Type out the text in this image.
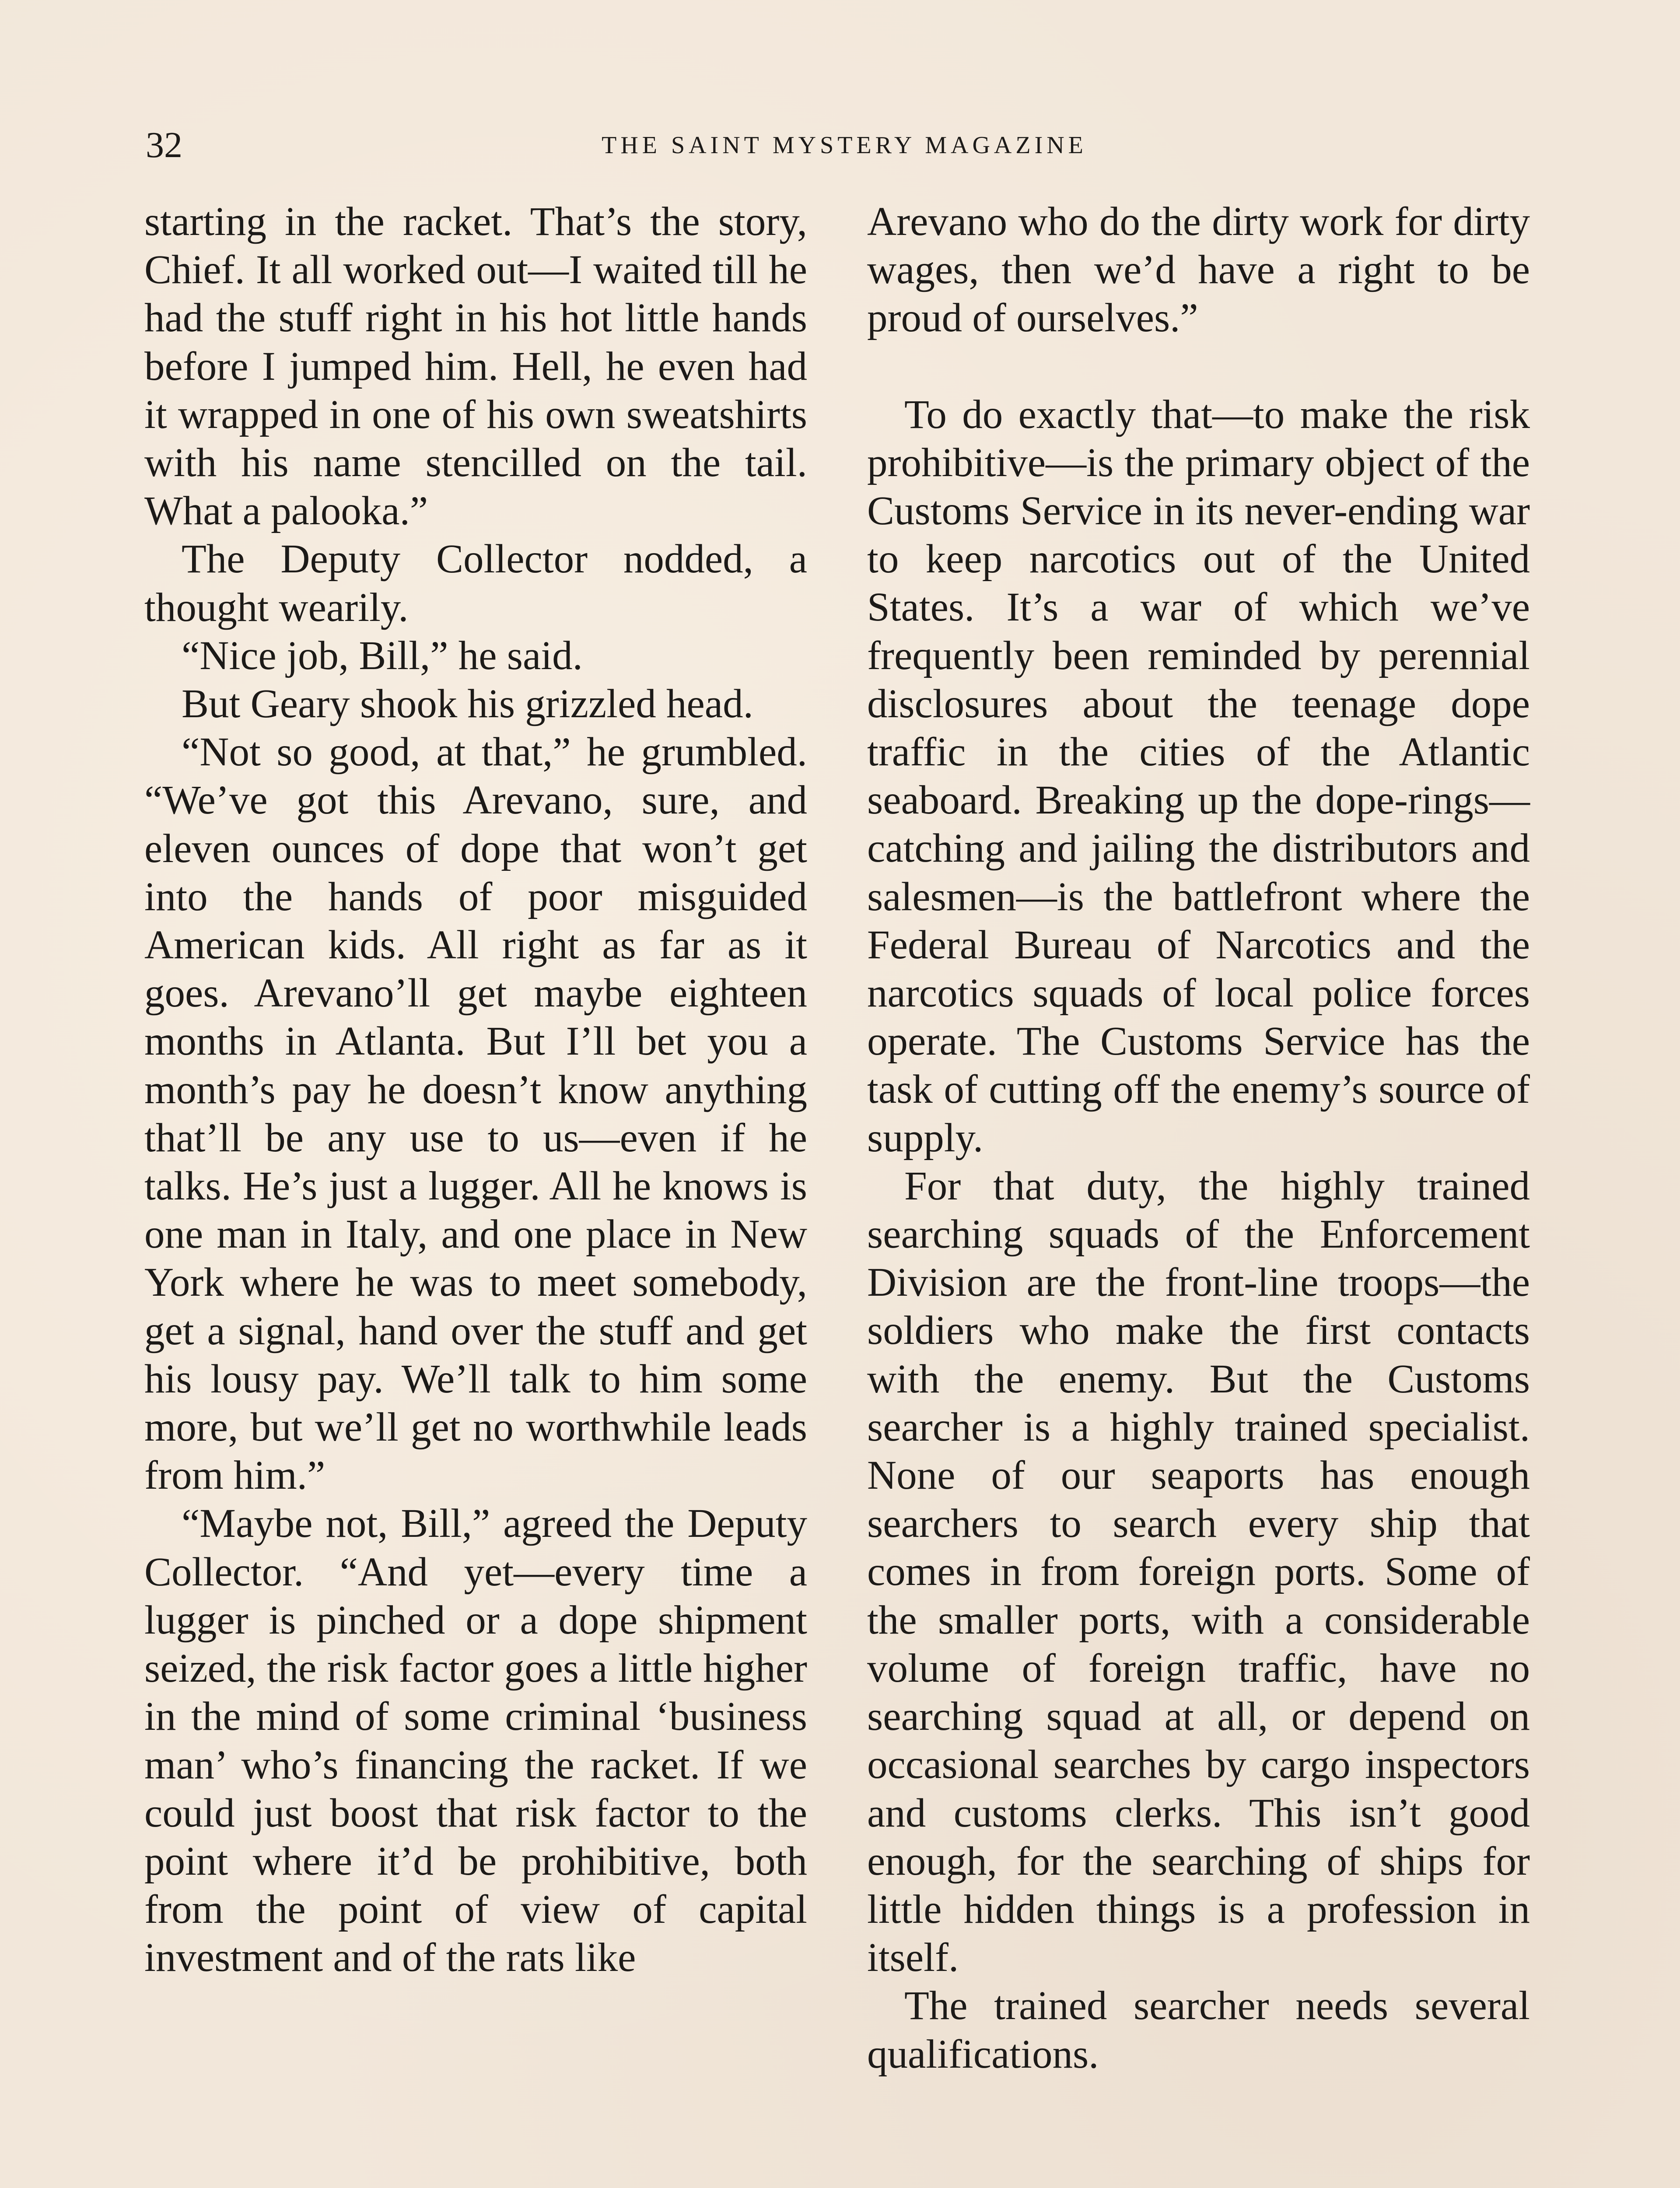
32	THE SAINT MYSTERY MAGAZINE

starting in the racket. That’s the story, Chief. It all worked out—I waited till he had the stuff right in his hot little hands before I jumped him. Hell, he even had it wrapped in one of his own sweatshirts with his name stencilled on the tail. What a palooka.”

The Deputy Collector nodded, a thought wearily.

“Nice job, Bill,” he said.

But Geary shook his grizzled head.

“Not so good, at that,” he grumbled. “We’ve got this Arevano, sure, and eleven ounces of dope that won’t get into the hands of poor misguided American kids. All right as far as it goes. Arevano’ll get maybe eighteen months in Atlanta. But I’ll bet you a month’s pay he doesn’t know anything that’ll be any use to us—even if he talks. He’s just a lugger. All he knows is one man in Italy, and one place in New York where he was to meet somebody, get a signal, hand over the stuff and get his lousy pay. We’ll talk to him some more, but we’ll get no worthwhile leads from him.”

“Maybe not, Bill,” agreed the Deputy Collector. “And yet—every time a lugger is pinched or a dope shipment seized, the risk factor goes a little higher in the mind of some criminal ‘business man’ who’s financing the racket. If we could just boost that risk factor to the point where it’d be prohibitive, both from the point of view of capital investment and of the rats like

Arevano who do the dirty work for dirty wages, then we’d have a right to be proud of ourselves.”

To do exactly that—to make the risk prohibitive—is the primary object of the Customs Service in its never-ending war to keep narcotics out of the United States. It’s a war of which we’ve frequently been reminded by perennial disclosures about the teenage dope traffic in the cities of the Atlantic seaboard. Breaking up the dope-rings—catching and jailing the distributors and salesmen—is the battlefront where the Federal Bureau of Narcotics and the narcotics squads of local police forces operate. The Customs Service has the task of cutting off the enemy’s source of supply.

For that duty, the highly trained searching squads of the Enforcement Division are the front-line troops—the soldiers who make the first contacts with the enemy. But the Customs searcher is a highly trained specialist. None of our seaports has enough searchers to search every ship that comes in from foreign ports. Some of the smaller ports, with a considerable volume of foreign traffic, have no searching squad at all, or depend on occasional searches by cargo inspectors and customs clerks. This isn’t good enough, for the searching of ships for little hidden things is a profession in itself.

The trained searcher needs several qualifications.
